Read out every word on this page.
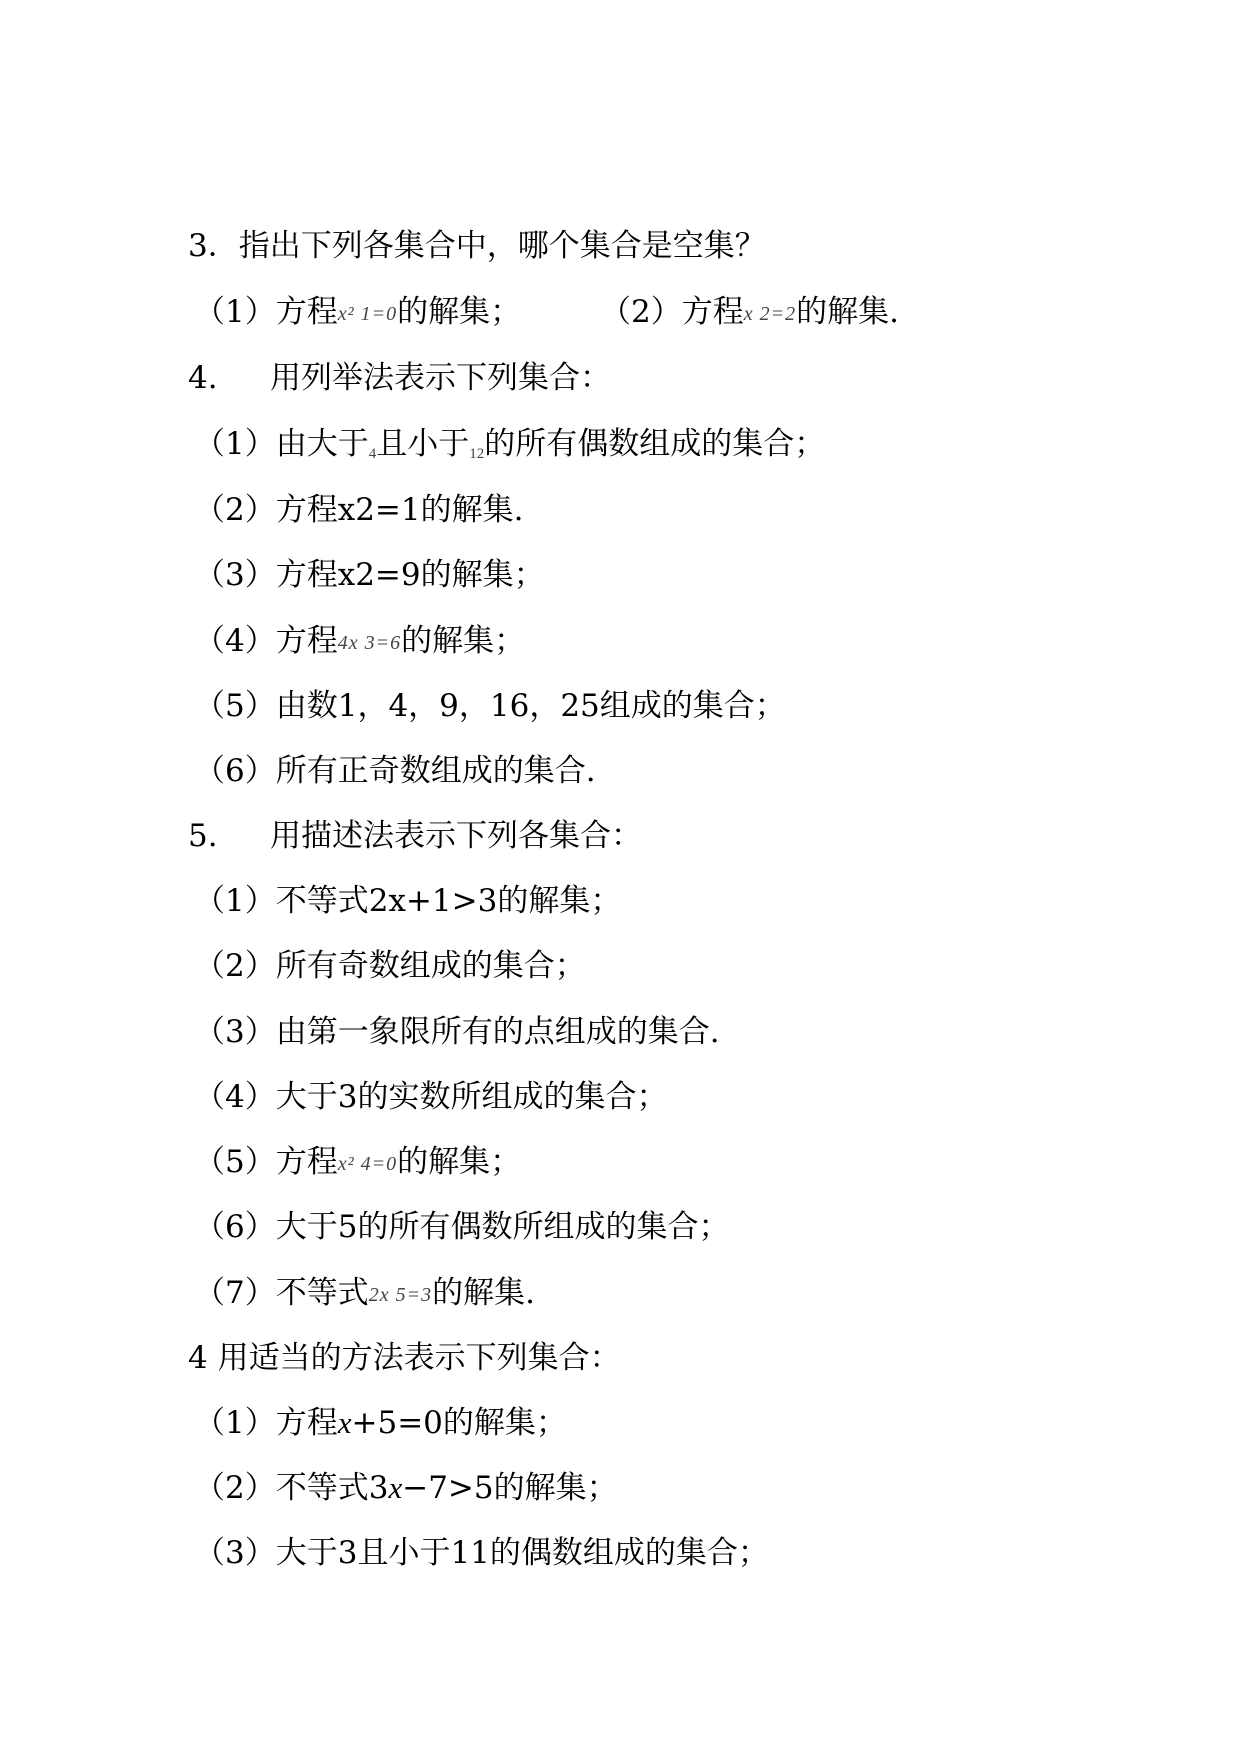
3．指出下列各集合中，哪个集合是空集？
（1）方程x² 1=0的解集；	（2）方程x 2=2的解集.
4. 用列举法表示下列集合：
（1）由大于4且小于12的所有偶数组成的集合；
（2）方程x2=1的解集.
（3）方程x2=9的解集；
（4）方程4x 3=6的解集；
（5）由数1，4，9，16，25组成的集合；
（6）所有正奇数组成的集合.
5. 用描述法表示下列各集合：
（1）不等式2x+1>3的解集；
（2）所有奇数组成的集合；
（3）由第一象限所有的点组成的集合.
（4）大于3的实数所组成的集合；
（5）方程x² 4=0的解集；
（6）大于5的所有偶数所组成的集合；
（7）不等式2x 5=3的解集.
4 用适当的方法表示下列集合：
（1）方程x+5=0的解集；
（2）不等式3x−7>5的解集；
（3）大于3且小于11的偶数组成的集合；
